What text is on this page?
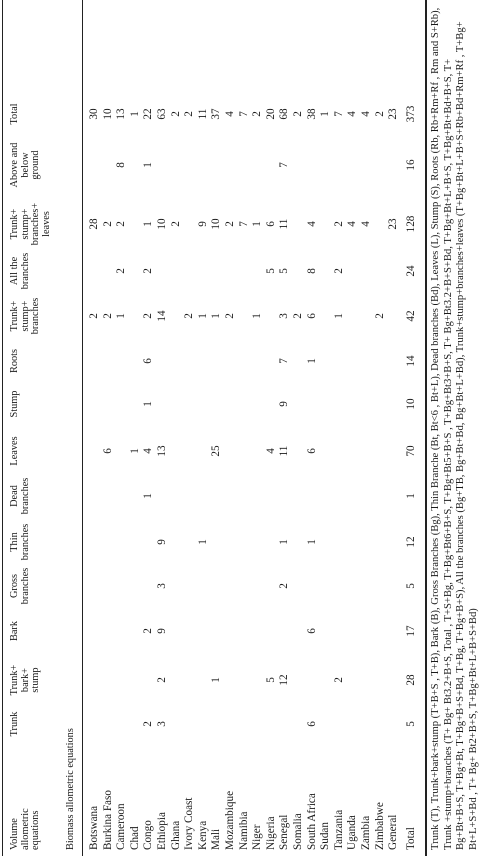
Volume allometric equations Biomass allometric equations
Trunk
Trunk+ bark+ stump
Bark
Gross branches
Thin branches
Dead branches
Leaves
Stump
Roots
Trunk+ stump+ branches
All the branches
Trunk+ stump+ branches+ leaves
Above and below ground
Total
Botswana
2
28
30
Burkina Faso
6
2
2
10
Cameroon
1
2
2
8
13
Chad
1
1
Congo
2
2
1
4
1
6
2
2
1
1
22
Ethiopia
3
2
9
3
9
13
14
10
63
Ghana
2
2
Ivory Coast
2
2
Kenya
1
1
9
11
Mali
1
25
1
10
37
Mozambique
2
2
4
Namibia
7
7
Niger
1
1
2
Nigeria
5
4
5
6
20
Senegal
12
2
1
11
9
7
3
5
11
7
68
Somalia
2
2
South Africa
6
6
1
6
1
6
8
4
38
Sudan
1
Tanzania
2
1
2
2
7
Uganda
4
4
Zambia
4
4
Zimbabwe
2
2
General
23
23
Total
5
28
17
5
12
1
70
10
14
42
24
128
16
373 Trunk (T), Trunk+bark+stump (T+B+S , T+B), Bark (B), Gross Branches (Bg), Thin Branche (Bt, Bt<6 , Bt+L), Dead branches (Bd), Leaves (L), Stump (S), Roots (Rb, Rb+Rm+Rf , Rm and S+Rb), Trunk +stump+branches (T+ Bg+ Bt3.2+B+S, Total , T+S+Bg, T+Bg+Bt6+B+S, T+Bg+Bt5+B+S , T+Bg+Bt3+B+S, T+ Bg+Bt3.2+B+S+Bd, T+Bg+Bt+L+B+S, T+Bg+Bt+Bd+B+S, T+ Bg+Bt+B+S, T+Bg+Bt, T+Bg+B+S+Bd, T+Bg, T+Bg+B+S), All the branches (Bg+TB, Bg+Bt+Bd, Bg+Bt+L+Bd), Trunk+stump+branches+leaves (T+Bg+Bt+L+B+S+Rb+Bd+Rm+Rf , T+Bg+ Bt+L+S+Bd , T+ Bg+ Bt2+B+S, T+Bg+Bt+L+B+S+Bd)
